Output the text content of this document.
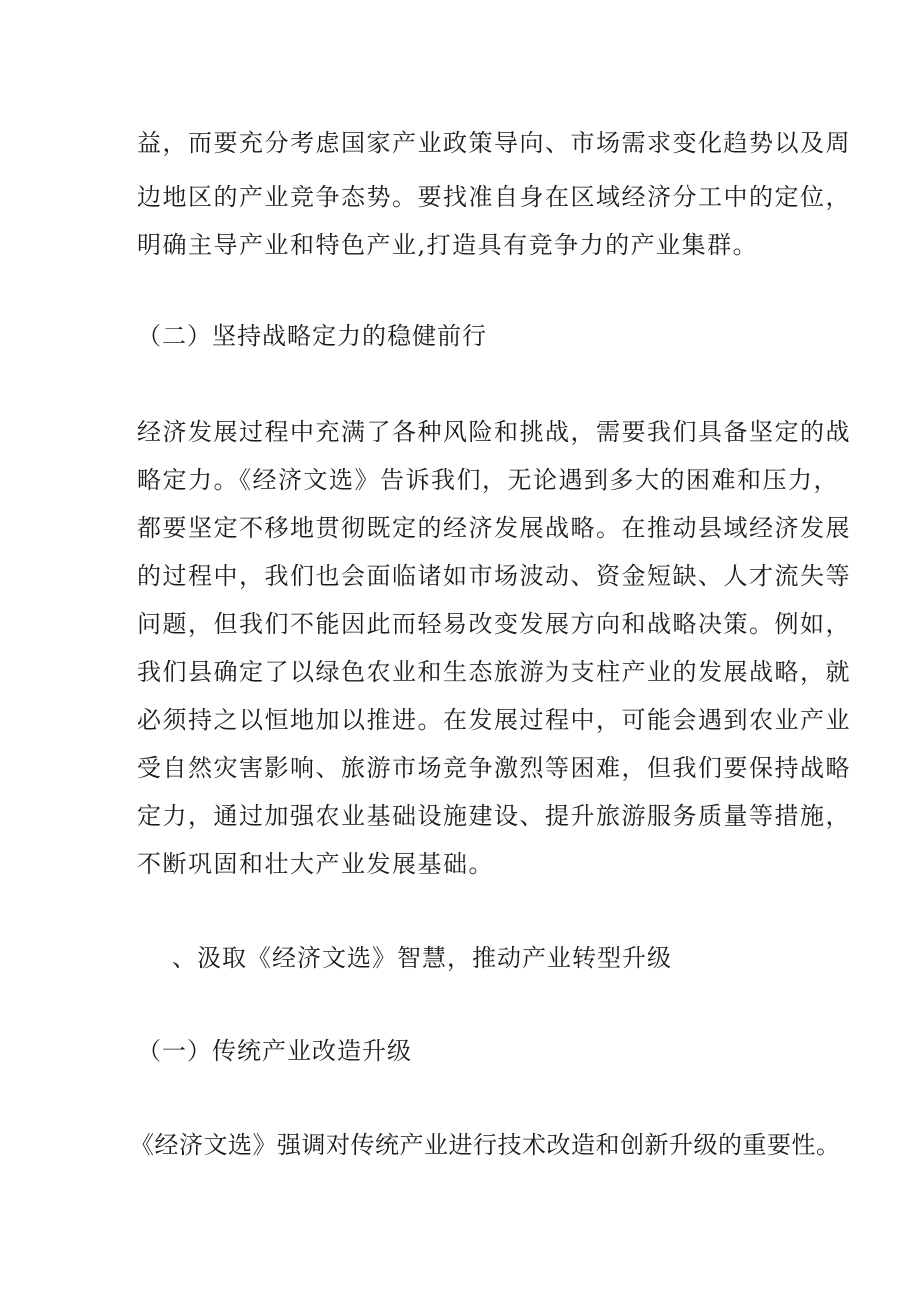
益，而要充分考虑国家产业政策导向、市场需求变化趋势以及周
边地区的产业竞争态势。要找准自身在区域经济分工中的定位，
明确主导产业和特色产业,打造具有竞争力的产业集群。
（二）坚持战略定力的稳健前行
经济发展过程中充满了各种风险和挑战，需要我们具备坚定的战
略定力。《经济文选》告诉我们，无论遇到多大的困难和压力，
都要坚定不移地贯彻既定的经济发展战略。在推动县域经济发展
的过程中，我们也会面临诸如市场波动、资金短缺、人才流失等
问题，但我们不能因此而轻易改变发展方向和战略决策。例如，
我们县确定了以绿色农业和生态旅游为支柱产业的发展战略，就
必须持之以恒地加以推进。在发展过程中，可能会遇到农业产业
受自然灾害影响、旅游市场竞争激烈等困难，但我们要保持战略
定力，通过加强农业基础设施建设、提升旅游服务质量等措施，
不断巩固和壮大产业发展基础。
、汲取《经济文选》智慧，推动产业转型升级
（一）传统产业改造升级
《经济文选》强调对传统产业进行技术改造和创新升级的重要性。
